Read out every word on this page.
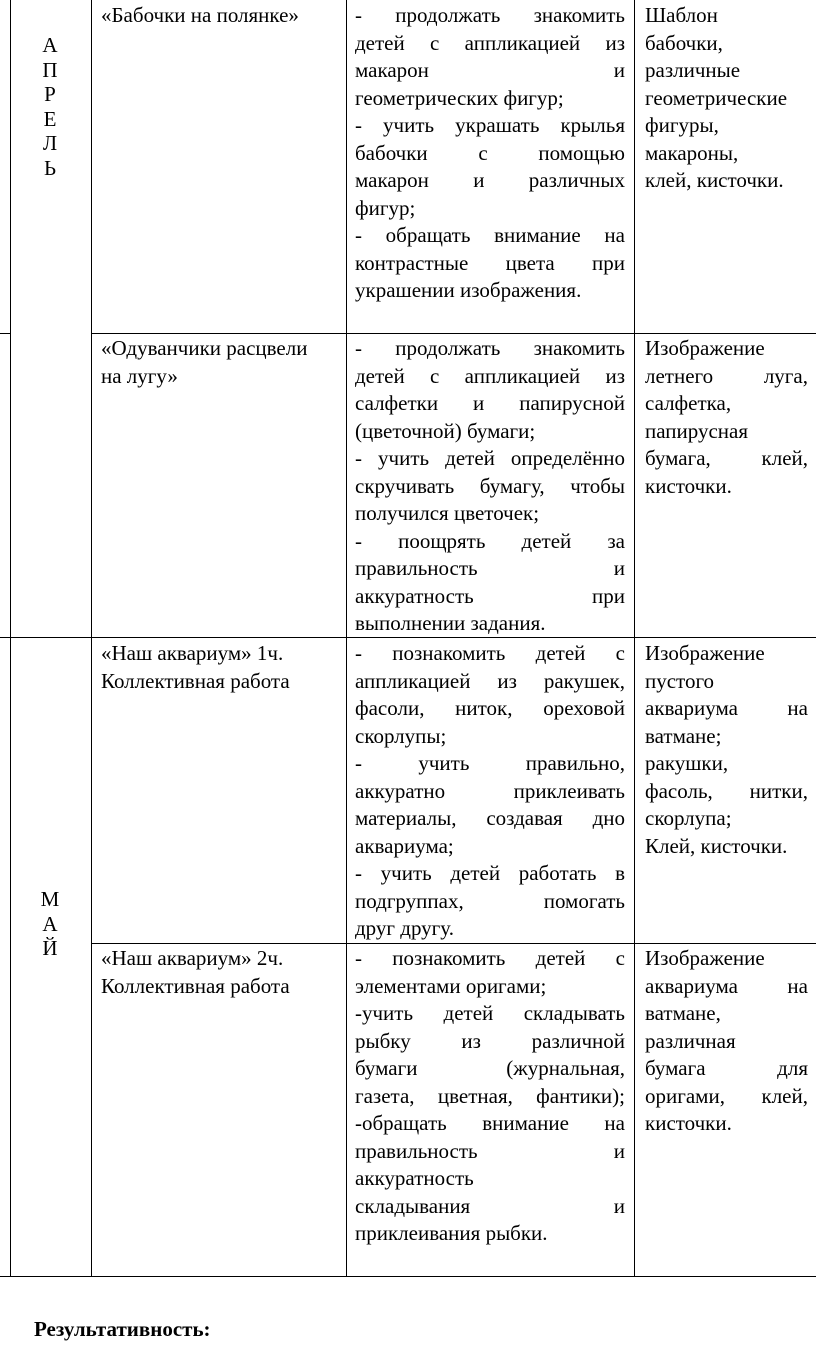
А
П
Р
Е
Л
Ь
М
А
Й
«Бабочки на полянке»	- продолжать знакомить
детей с аппликацией из
макарон и
геометрических фигур;
- учить украшать крылья
бабочки с помощью
макарон и различных
фигур;
- обращать внимание на
контрастные цвета при
украшении изображения.
Шаблон
бабочки,
различные
геометрические
фигуры,
макароны,
клей, кисточки.
«Одуванчики расцвели
на лугу»
- продолжать знакомить
детей с аппликацией из
салфетки и папирусной
(цветочной) бумаги;
- учить детей определённо
скручивать бумагу, чтобы
получился цветочек;
- поощрять детей за
правильность и
аккуратность при
выполнении задания.
Изображение
летнего луга,
салфетка,
папирусная
бумага, клей,
кисточки.
«Наш аквариум» 1ч.
Коллективная работа
- познакомить детей с
аппликацией из ракушек,
фасоли, ниток, ореховой
скорлупы;
- учить правильно,
аккуратно приклеивать
материалы, создавая дно
аквариума;
- учить детей работать в
подгруппах, помогать
друг другу.
Изображение
пустого
аквариума на
ватмане;
ракушки,
фасоль, нитки,
скорлупа;
Клей, кисточки.
«Наш аквариум» 2ч.
Коллективная работа
- познакомить детей с
элементами оригами;
-учить детей складывать
рыбку из различной
бумаги (журнальная,
газета, цветная, фантики);
-обращать внимание на
правильность и
аккуратность
складывания и
приклеивания рыбки.
Изображение
аквариума на
ватмане,
различная
бумага для
оригами, клей,
кисточки.
Результативность:
